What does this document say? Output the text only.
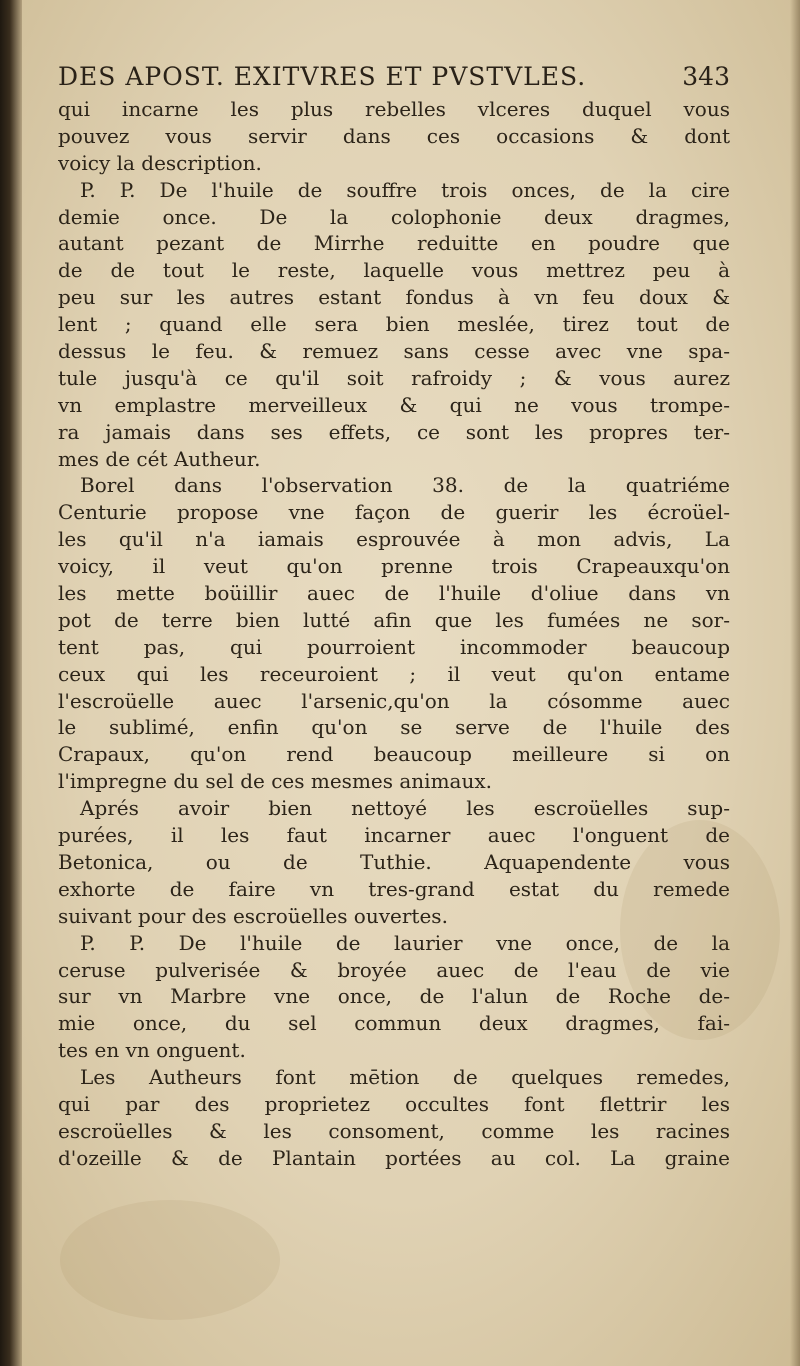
DES APOST. EXITVRES ET PVSTVLES.	343
qui incarne les plus rebelles vlceres duquel vous
pouvez vous servir dans ces occasions & dont
voicy la description.
P. P. De l'huile de souffre trois onces, de la cire
demie once. De la colophonie deux dragmes,
autant pezant de Mirrhe reduitte en poudre que
de de tout le reste, laquelle vous mettrez peu à
peu sur les autres estant fondus à vn feu doux &
lent ; quand elle sera bien meslée, tirez tout de
dessus le feu. & remuez sans cesse avec vne spa-
tule jusqu'à ce qu'il soit rafroidy ; & vous aurez
vn emplastre merveilleux & qui ne vous trompe-
ra jamais dans ses effets, ce sont les propres ter-
mes de cét Autheur.
Borel dans l'observation 38. de la quatriéme
Centurie propose vne façon de guerir les écroüel-
les qu'il n'a iamais esprouvée à mon advis, La
voicy, il veut qu'on prenne trois Crapeauxqu'on
les mette boüillir auec de l'huile d'oliue dans vn
pot de terre bien lutté afin que les fumées ne sor-
tent pas, qui pourroient incommoder beaucoup
ceux qui les receuroient ; il veut qu'on entame
l'escroüelle auec l'arsenic,qu'on la cósomme auec
le sublimé, enfin qu'on se serve de l'huile des
Crapaux, qu'on rend beaucoup meilleure si on
l'impregne du sel de ces mesmes animaux.
Aprés avoir bien nettoyé les escroüelles sup-
purées, il les faut incarner auec l'onguent de
Betonica, ou de Tuthie. Aquapendente vous
exhorte de faire vn tres-grand estat du remede
suivant pour des escroüelles ouvertes.
P. P. De l'huile de laurier vne once, de la
ceruse pulverisée & broyée auec de l'eau de vie
sur vn Marbre vne once, de l'alun de Roche de-
mie once, du sel commun deux dragmes, fai-
tes en vn onguent.
Les Autheurs font mētion de quelques remedes,
qui par des proprietez occultes font flettrir les
escroüelles & les consoment, comme les racines
d'ozeille & de Plantain portées au col. La graine
